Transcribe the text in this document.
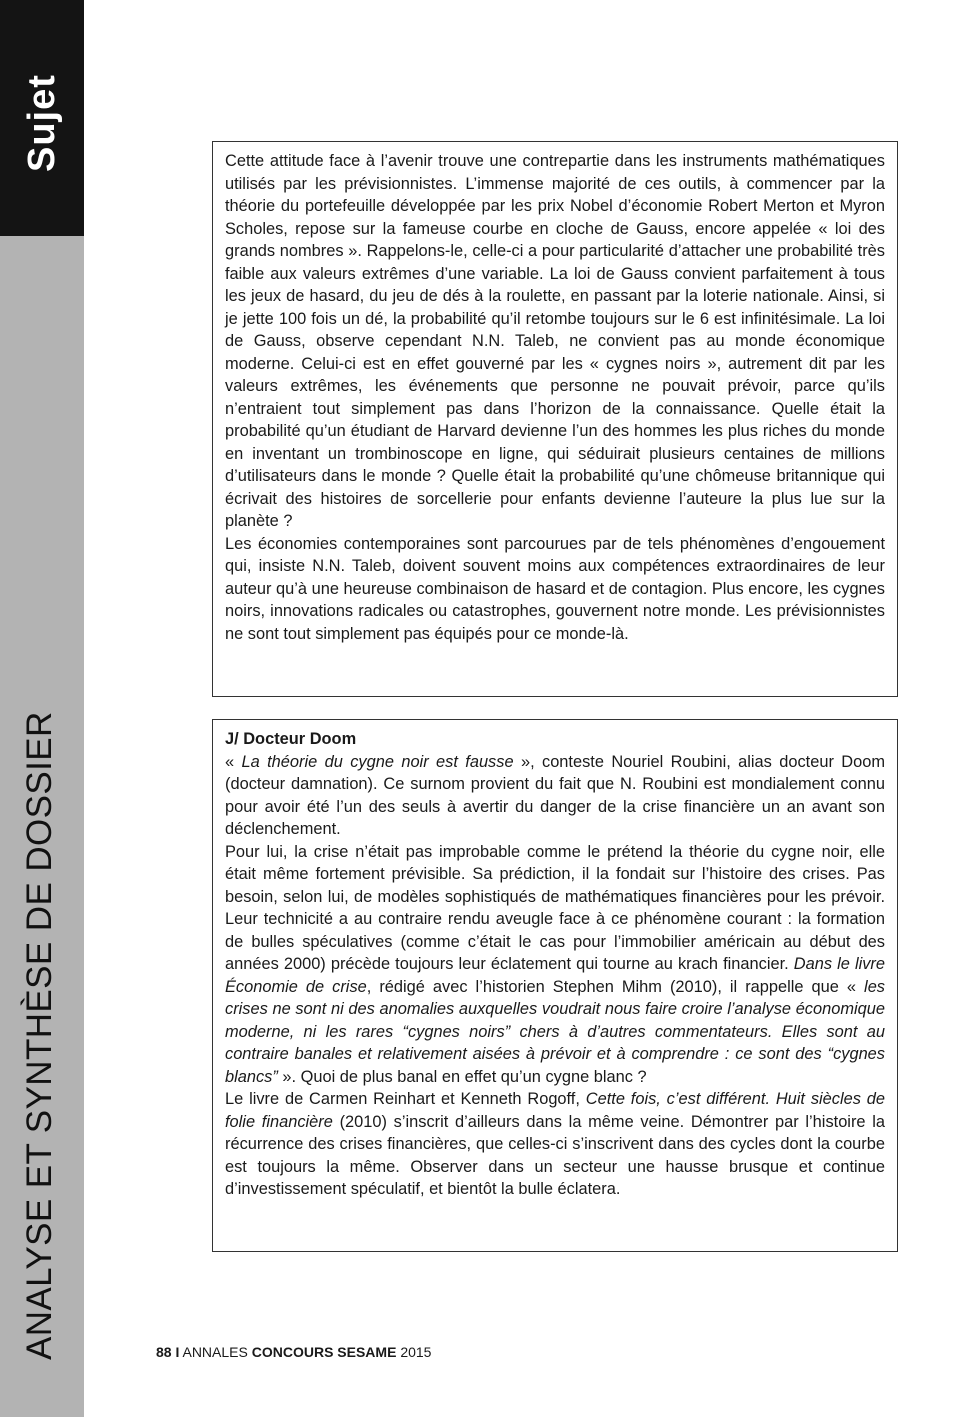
Sujet
ANALYSE ET SYNTHÈSE DE DOSSIER

Cette attitude face à l’avenir trouve une contrepartie dans les instruments mathématiques utilisés par les prévisionnistes. L’immense majorité de ces outils, à commencer par la théorie du portefeuille développée par les prix Nobel d’économie Robert Merton et Myron Scholes, repose sur la fameuse courbe en cloche de Gauss, encore appelée « loi des grands nombres ». Rappelons-le, celle-ci a pour particularité d’attacher une probabilité très faible aux valeurs extrêmes d’une variable. La loi de Gauss convient parfaitement à tous les jeux de hasard, du jeu de dés à la roulette, en passant par la loterie nationale. Ainsi, si je jette 100 fois un dé, la probabilité qu’il retombe toujours sur le 6 est infinitésimale. La loi de Gauss, observe cependant N.N. Taleb, ne convient pas au monde économique moderne. Celui-ci est en effet gouverné par les « cygnes noirs », autrement dit par les valeurs extrêmes, les événements que personne ne pouvait prévoir, parce qu’ils n’entraient tout simplement pas dans l’horizon de la connaissance. Quelle était la probabilité qu’un étudiant de Harvard devienne l’un des hommes les plus riches du monde en inventant un trombinoscope en ligne, qui séduirait plusieurs centaines de millions d’utilisateurs dans le monde ? Quelle était la probabilité qu’une chômeuse britannique qui écrivait des histoires de sorcellerie pour enfants devienne l’auteure la plus lue sur la planète ?

Les économies contemporaines sont parcourues par de tels phénomènes d’engouement qui, insiste N.N. Taleb, doivent souvent moins aux compétences extraordinaires de leur auteur qu’à une heureuse combinaison de hasard et de contagion. Plus encore, les cygnes noirs, innovations radicales ou catastrophes, gouvernent notre monde. Les prévisionnistes ne sont tout simplement pas équipés pour ce monde-là.

J/ Docteur Doom

« La théorie du cygne noir est fausse », conteste Nouriel Roubini, alias docteur Doom (docteur damnation). Ce surnom provient du fait que N. Roubini est mondialement connu pour avoir été l’un des seuls à avertir du danger de la crise financière un an avant son déclenchement.

Pour lui, la crise n’était pas improbable comme le prétend la théorie du cygne noir, elle était même fortement prévisible. Sa prédiction, il la fondait sur l’histoire des crises. Pas besoin, selon lui, de modèles sophistiqués de mathématiques financières pour les prévoir. Leur technicité a au contraire rendu aveugle face à ce phénomène courant : la formation de bulles spéculatives (comme c’était le cas pour l’immobilier américain au début des années 2000) précède toujours leur éclatement qui tourne au krach financier. Dans le livre Économie de crise, rédigé avec l’historien Stephen Mihm (2010), il rappelle que « les crises ne sont ni des anomalies auxquelles voudrait nous faire croire l’analyse économique moderne, ni les rares “cygnes noirs” chers à d’autres commentateurs. Elles sont au contraire banales et relativement aisées à prévoir et à comprendre : ce sont des “cygnes blancs” ». Quoi de plus banal en effet qu’un cygne blanc ?

Le livre de Carmen Reinhart et Kenneth Rogoff, Cette fois, c’est différent. Huit siècles de folie financière (2010) s’inscrit d’ailleurs dans la même veine. Démontrer par l’histoire la récurrence des crises financières, que celles-ci s’inscrivent dans des cycles dont la courbe est toujours la même. Observer dans un secteur une hausse brusque et continue d’investissement spéculatif, et bientôt la bulle éclatera.

88 I ANNALES CONCOURS SESAME 2015
